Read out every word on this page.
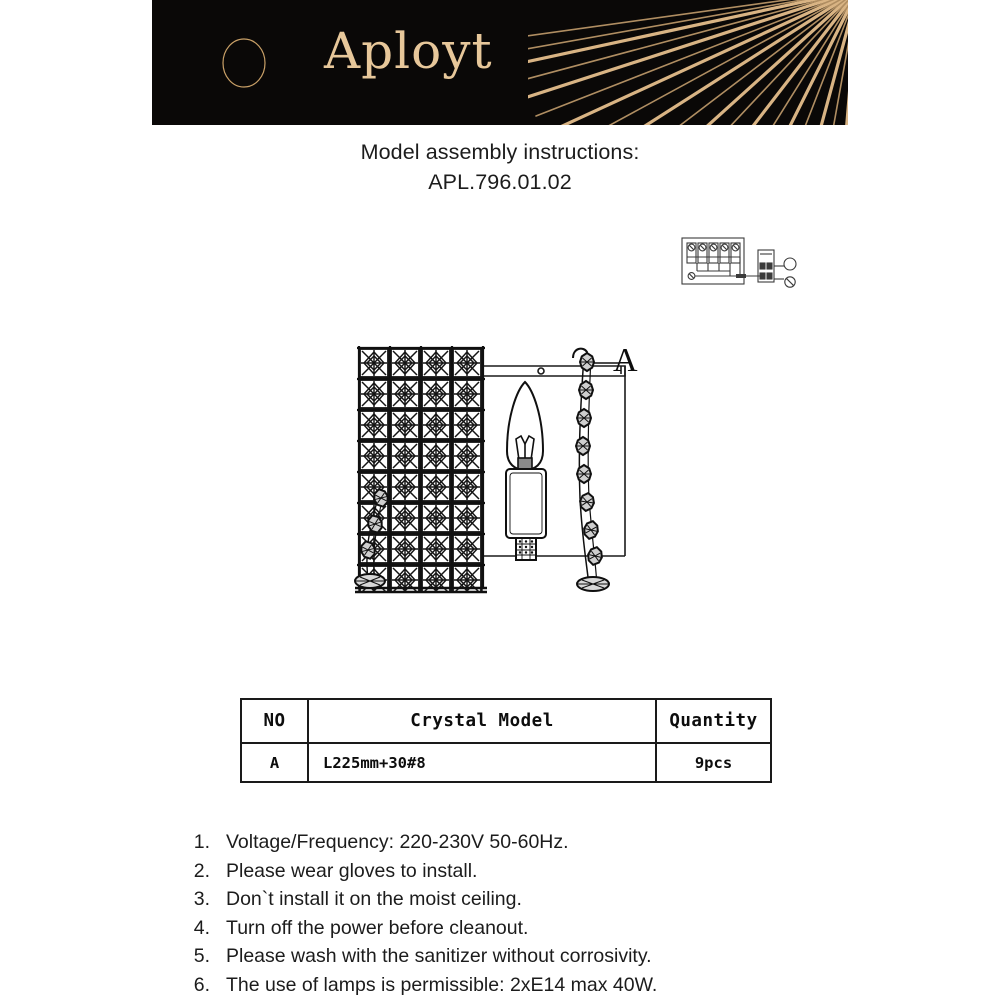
Aployt
Model assembly instructions:
APL.796.01.02
A
NO	Crystal Model	Quantity
A	L225mm+30#8	9pcs
1. Voltage/Frequency: 220-230V 50-60Hz.
2. Please wear gloves to install.
3. Don`t install it on the moist ceiling.
4. Turn off the power before cleanout.
5. Please wash with the sanitizer without corrosivity.
6. The use of lamps is permissible: 2xE14 max 40W.
